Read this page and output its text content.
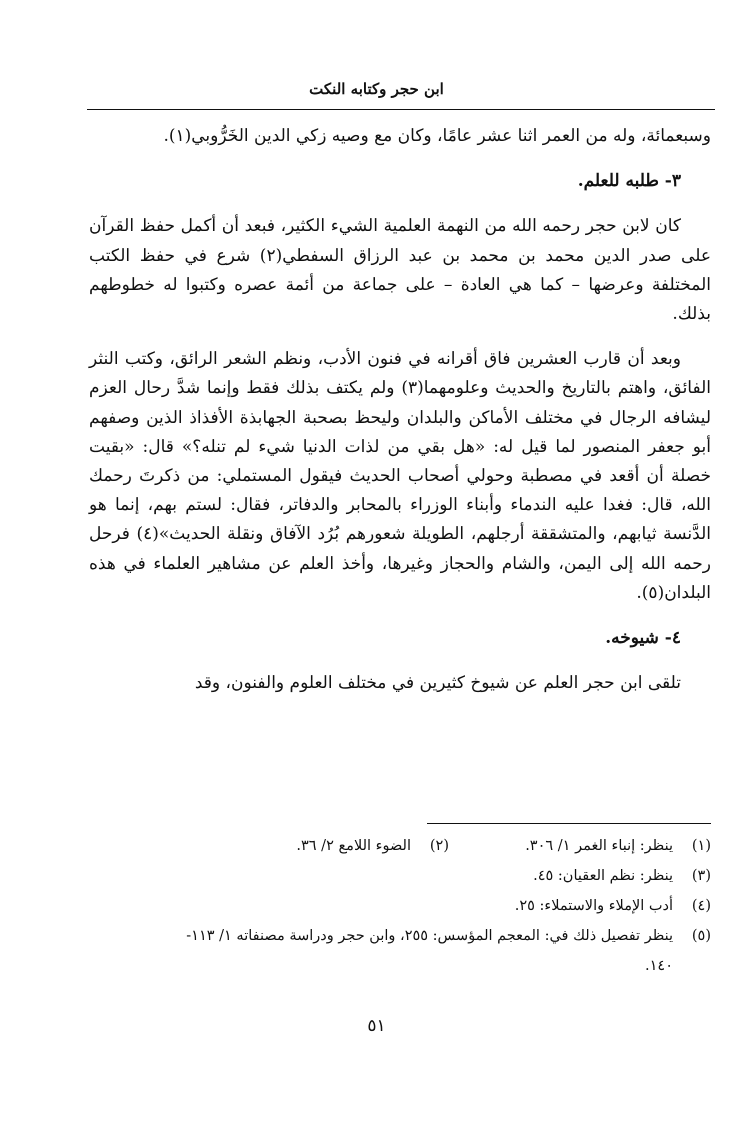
ابن حجر وكتابه النكت

وسبعمائة، وله من العمر اثنا عشر عامًا، وكان مع وصيه زكي الدين الخَرُّوبي(١).

٣- طلبه للعلم.

كان لابن حجر رحمه الله من النهمة العلمية الشيء الكثير، فبعد أن أكمل حفظ القرآن على صدر الدين محمد بن محمد بن عبد الرزاق السفطي(٢) شرع في حفظ الكتب المختلفة وعرضها – كما هي العادة – على جماعة من أئمة عصره وكتبوا له خطوطهم بذلك.

وبعد أن قارب العشرين فاق أقرانه في فنون الأدب، ونظم الشعر الرائق، وكتب النثر الفائق، واهتم بالتاريخ والحديث وعلومهما(٣) ولم يكتف بذلك فقط وإنما شدَّ رحال العزم ليشافه الرجال في مختلف الأماكن والبلدان وليحظ بصحبة الجهابذة الأفذاذ الذين وصفهم أبو جعفر المنصور لما قيل له: «هل بقي من لذات الدنيا شيء لم تنله؟» قال: «بقيت خصلة أن أقعد في مصطبة وحولي أصحاب الحديث فيقول المستملي: من ذكرتَ رحمك الله، قال: فغدا عليه الندماء وأبناء الوزراء بالمحابر والدفاتر، فقال: لستم بهم، إنما هو الدَّنسة ثيابهم، والمتشققة أرجلهم، الطويلة شعورهم بُرُد الآفاق ونقلة الحديث»(٤) فرحل رحمه الله إلى اليمن، والشام والحجاز وغيرها، وأخذ العلم عن مشاهير العلماء في هذه البلدان(٥).

٤- شيوخه.

تلقى ابن حجر العلم عن شيوخ كثيرين في مختلف العلوم والفنون، وقد

(١)
ينظر: إنباء الغمر ١/ ٣٠٦.
(٢)
الضوء اللامع ٢/ ٣٦.
(٣)
ينظر: نظم العقيان: ٤٥.
(٤)
أدب الإملاء والاستملاء: ٢٥.
(٥)
ينظر تفصيل ذلك في: المعجم المؤسس: ٢٥٥، وابن حجر ودراسة مصنفاته ١/ ١١٣-
١٤٠.
٥١
